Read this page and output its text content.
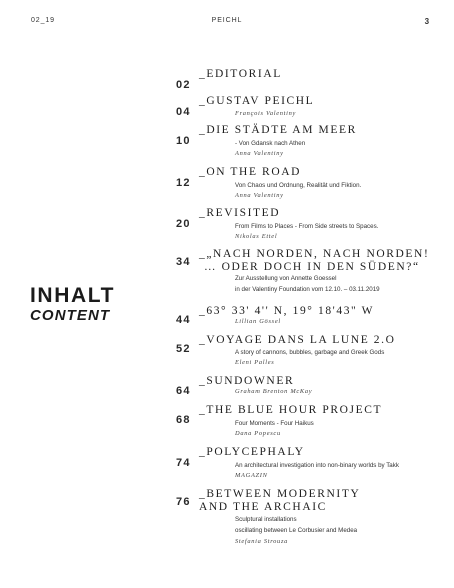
02_19	PEICHL	3
INHALT
CONTENT
02
_EDITORIAL
04
_GUSTAV PEICHL
François Valentiny
10
_DIE STÄDTE AM MEER
- Von Gdansk nach Athen
Anna Valentiny
12
_ON THE ROAD
Von Chaos und Ordnung, Realität und Fiktion.
Anna Valentiny
20
_REVISITED
From Films to Places - From Side streets to Spaces.
Nikolas Ettel
34
_„NACH NORDEN, NACH NORDEN!
… ODER DOCH IN DEN SÜDEN?“
Zur Ausstellung von Annette Goessel
in der Valentiny Foundation vom 12.10. – 03.11.2019
44
_63° 33' 4'' N, 19° 18'43" W
Lillian Gössel
52
_VOYAGE DANS LA LUNE 2.O
A story of cannons, bubbles, garbage and Greek Gods
Eleni Palles
64
_SUNDOWNER
Graham Brenton McKay
68
_THE BLUE HOUR PROJECT
Four Moments - Four Haikus
Dana Popescu
74
_POLYCEPHALY
An architectural investigation into non-binary worlds by Takk
MAGAZIN
76
_BETWEEN MODERNITY
AND THE ARCHAIC
Sculptural installations
oscillating between Le Corbusier and Medea
Stefania Strouza
